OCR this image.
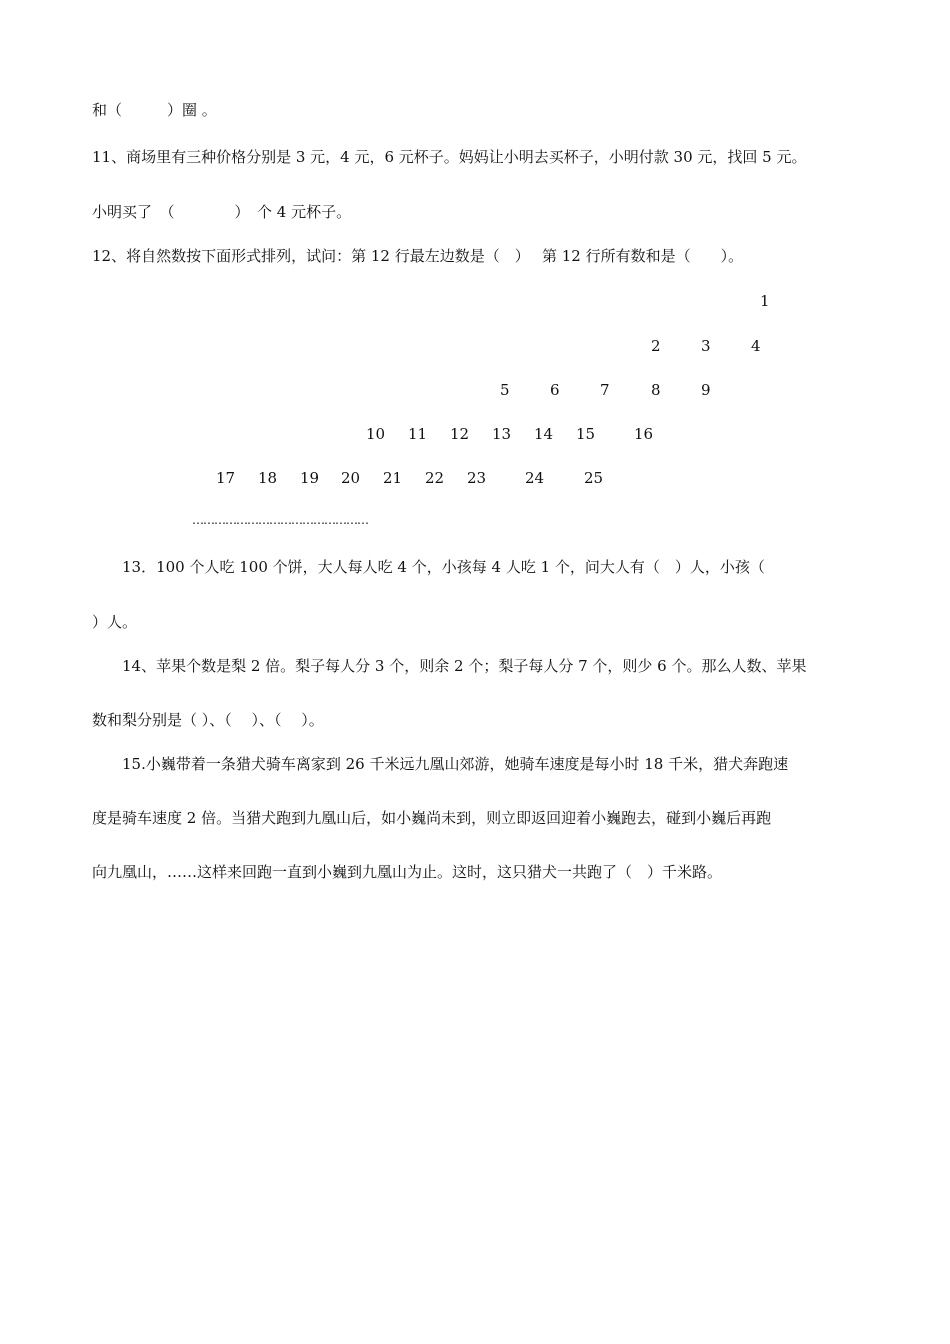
和（　　　）圈 。
11、商场里有三种价格分别是 3 元，4 元，6 元杯子。妈妈让小明去买杯子，小明付款 30 元，找回 5 元。
小明买了　（　　　　）　个 4 元杯子。
12、将自然数按下面形式排列，试问：第 12 行最左边数是（　）　 第 12 行所有数和是（　　）。
1
2	3	4
5	6	7	8	9
10 11 12 13 14 15	16
17 18 19 20 21 22 23	24	25
…………………………………………
13．100 个人吃 100 个饼，大人每人吃 4 个，小孩每 4 人吃 1 个，问大人有（　）人，小孩（
）人。
14、苹果个数是梨 2 倍。梨子每人分 3 个，则余 2 个；梨子每人分 7 个，则少 6 个。那么人数、苹果
数和梨分别是（ ）、（　 ）、（　 ）。
15.小巍带着一条猎犬骑车离家到 26 千米远九凰山郊游，她骑车速度是每小时 18 千米，猎犬奔跑速
度是骑车速度 2 倍。当猎犬跑到九凰山后，如小巍尚未到，则立即返回迎着小巍跑去，碰到小巍后再跑
向九凰山，……这样来回跑一直到小巍到九凰山为止。这时，这只猎犬一共跑了（　）千米路。
